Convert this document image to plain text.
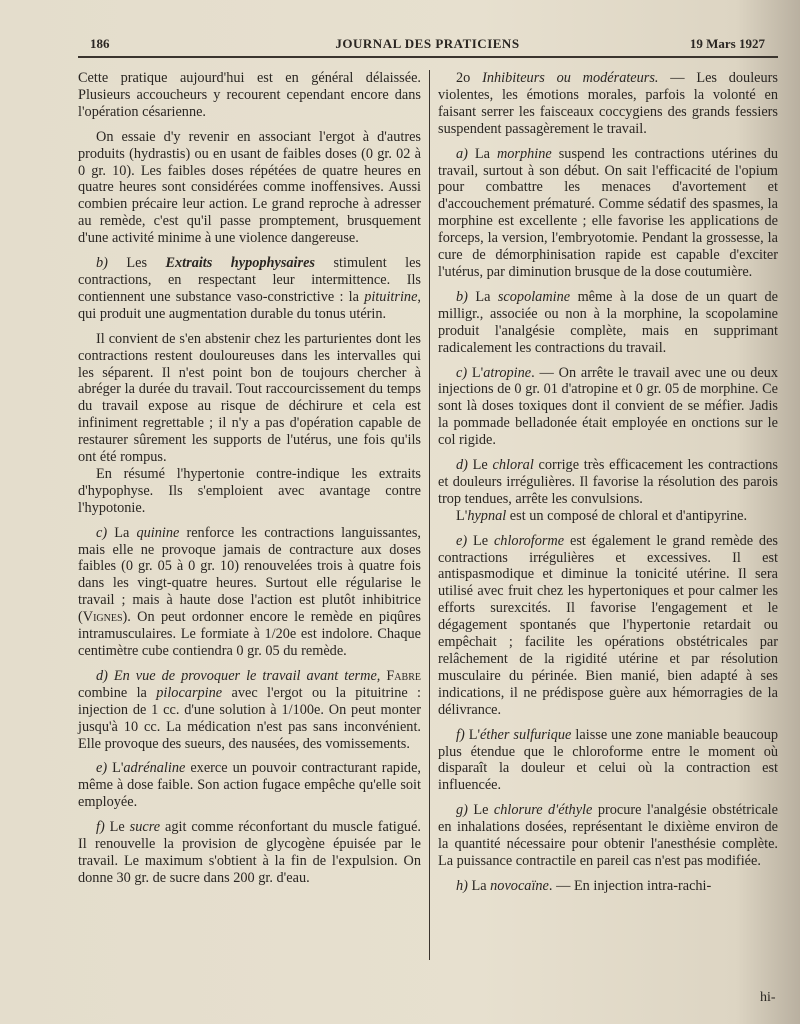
186	JOURNAL DES PRATICIENS	19 Mars 1927

Cette pratique aujourd'hui est en général délaissée. Plusieurs accoucheurs y recourent cependant encore dans l'opération césarienne.

On essaie d'y revenir en associant l'ergot à d'autres produits (hydrastis) ou en usant de faibles doses (0 gr. 02 à 0 gr. 10). Les faibles doses répétées de quatre heures en quatre heures sont considérées comme inoffensives. Aussi combien précaire leur action. Le grand reproche à adresser au remède, c'est qu'il passe promptement, brusquement d'une activité minime à une violence dangereuse.

b) Les Extraits hypophysaires stimulent les contractions, en respectant leur intermittence. Ils contiennent une substance vaso-constrictive : la pituitrine, qui produit une augmentation durable du tonus utérin.

Il convient de s'en abstenir chez les parturientes dont les contractions restent douloureuses dans les intervalles qui les séparent. Il n'est point bon de toujours chercher à abréger la durée du travail. Tout raccourcissement du temps du travail expose au risque de déchirure et cela est infiniment regrettable ; il n'y a pas d'opération capable de restaurer sûrement les supports de l'utérus, une fois qu'ils ont été rompus.

En résumé l'hypertonie contre-indique les extraits d'hypophyse. Ils s'emploient avec avantage contre l'hypotonie.

c) La quinine renforce les contractions languissantes, mais elle ne provoque jamais de contracture aux doses faibles (0 gr. 05 à 0 gr. 10) renouvelées trois à quatre fois dans les vingt-quatre heures. Surtout elle régularise le travail ; mais à haute dose l'action est plutôt inhibitrice (Vignes). On peut ordonner encore le remède en piqûres intramusculaires. Le formiate à 1/20e est indolore. Chaque centimètre cube contiendra 0 gr. 05 du remède.

d) En vue de provoquer le travail avant terme, Fabre combine la pilocarpine avec l'ergot ou la pituitrine : injection de 1 cc. d'une solution à 1/100e. On peut monter jusqu'à 10 cc. La médication n'est pas sans inconvénient. Elle provoque des sueurs, des nausées, des vomissements.

e) L'adrénaline exerce un pouvoir contracturant rapide, même à dose faible. Son action fugace empêche qu'elle soit employée.

f) Le sucre agit comme réconfortant du muscle fatigué. Il renouvelle la provision de glycogène épuisée par le travail. Le maximum s'obtient à la fin de l'expulsion. On donne 30 gr. de sucre dans 200 gr. d'eau.

2o Inhibiteurs ou modérateurs. — Les douleurs violentes, les émotions morales, parfois la volonté en faisant serrer les faisceaux coccygiens des grands fessiers suspendent passagèrement le travail.

a) La morphine suspend les contractions utérines du travail, surtout à son début. On sait l'efficacité de l'opium pour combattre les menaces d'avortement et d'accouchement prématuré. Comme sédatif des spasmes, la morphine est excellente ; elle favorise les applications de forceps, la version, l'embryotomie. Pendant la grossesse, la cure de démorphinisation rapide est capable d'exciter l'utérus, par diminution brusque de la dose coutumière.

b) La scopolamine même à la dose de un quart de milligr., associée ou non à la morphine, la scopolamine produit l'analgésie complète, mais en supprimant radicalement les contractions du travail.

c) L'atropine. — On arrête le travail avec une ou deux injections de 0 gr. 01 d'atropine et 0 gr. 05 de morphine. Ce sont là doses toxiques dont il convient de se méfier. Jadis la pommade belladonée était employée en onctions sur le col rigide.

d) Le chloral corrige très efficacement les contractions et douleurs irrégulières. Il favorise la résolution des parois trop tendues, arrête les convulsions.

L'hypnal est un composé de chloral et d'antipyrine.

e) Le chloroforme est également le grand remède des contractions irrégulières et excessives. Il est antispasmodique et diminue la tonicité utérine. Il sera utilisé avec fruit chez les hypertoniques et pour calmer les efforts surexcités. Il favorise l'engagement et le dégagement spontanés que l'hypertonie retardait ou empêchait ; facilite les opérations obstétricales par relâchement de la rigidité utérine et par résolution musculaire du périnée. Bien manié, bien adapté à ses indications, il ne prédispose guère aux hémorragies de la délivrance.

f) L'éther sulfurique laisse une zone maniable beaucoup plus étendue que le chloroforme entre le moment où disparaît la douleur et celui où la contraction est influencée.

g) Le chlorure d'éthyle procure l'analgésie obstétricale en inhalations dosées, représentant le dixième environ de la quantité nécessaire pour obtenir l'anesthésie complète. La puissance contractile en pareil cas n'est pas modifiée.

h) La novocaïne. — En injection intra-rachi-

hi-
